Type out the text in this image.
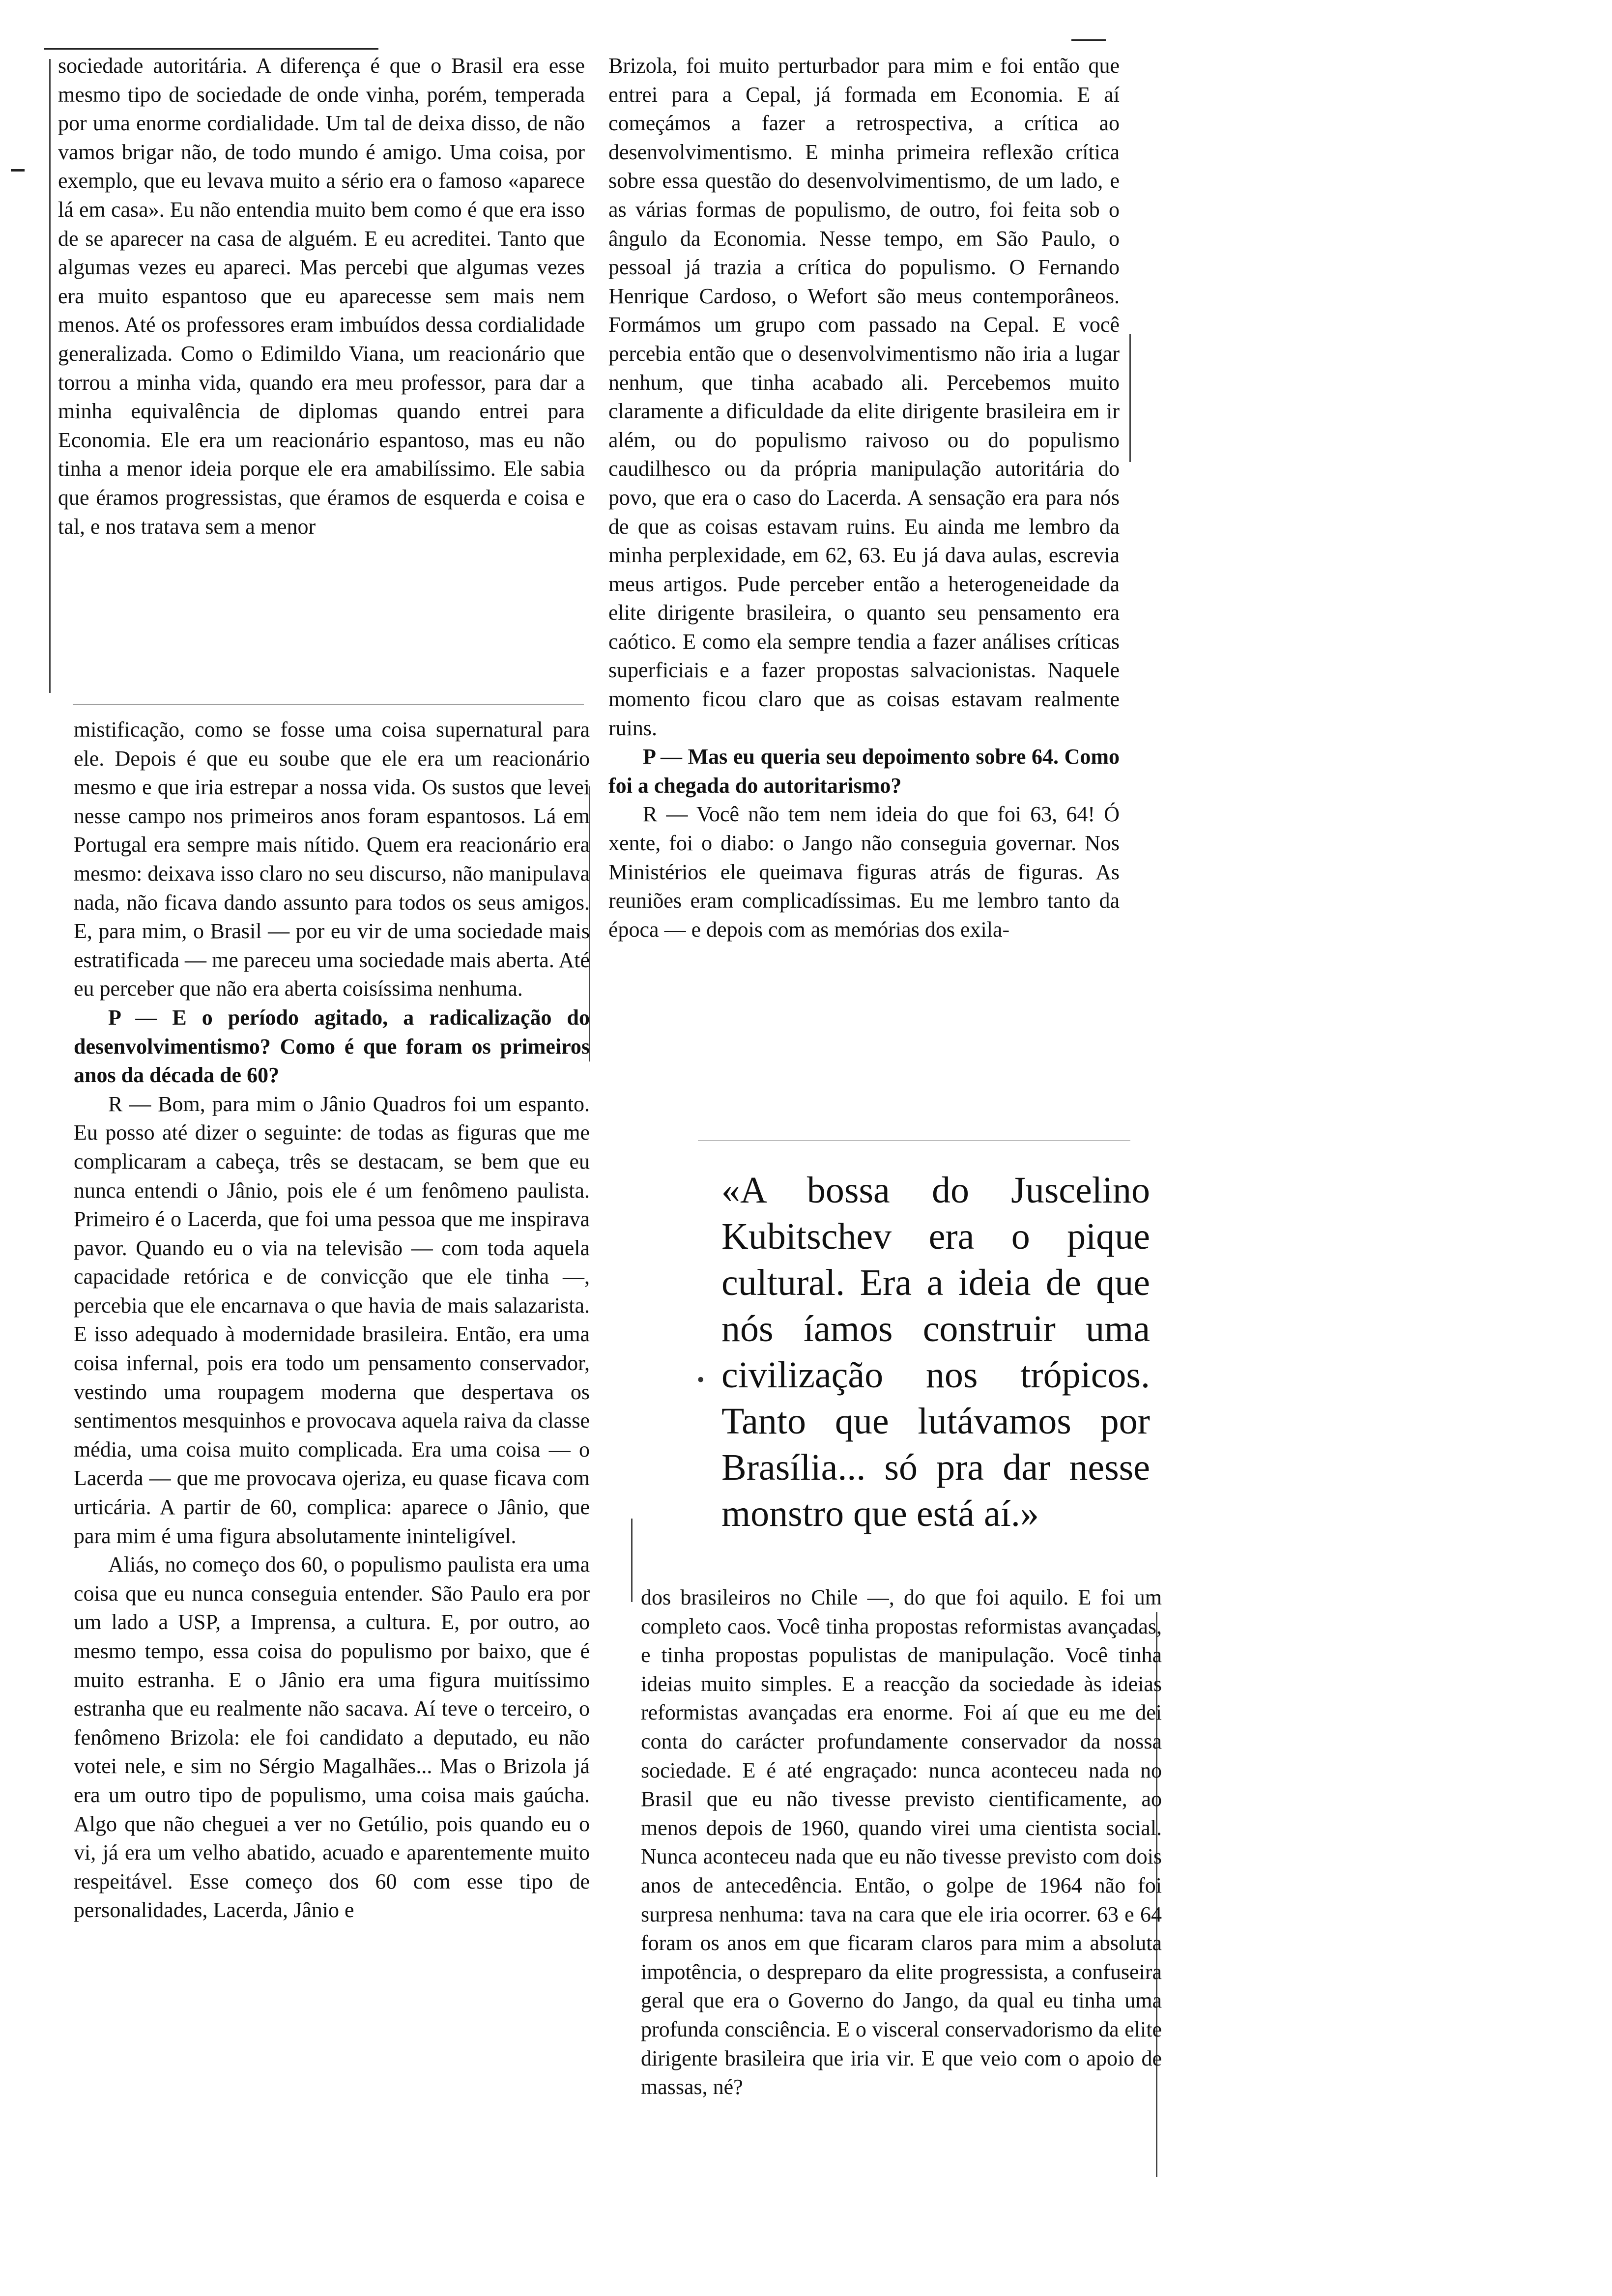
sociedade autoritária. A diferença é que o Brasil era esse mesmo tipo de sociedade de onde vinha, porém, temperada por uma enorme cordialidade. Um tal de deixa disso, de não vamos brigar não, de todo mundo é amigo. Uma coisa, por exemplo, que eu levava muito a sério era o famoso «aparece lá em casa». Eu não entendia muito bem como é que era isso de se aparecer na casa de alguém. E eu acreditei. Tanto que algumas vezes eu apareci. Mas percebi que algumas vezes era muito espantoso que eu aparecesse sem mais nem menos. Até os professores eram imbuídos dessa cordialidade generalizada. Como o Edimildo Viana, um reacionário que torrou a minha vida, quando era meu professor, para dar a minha equivalência de diplomas quando entrei para Economia. Ele era um reacionário espantoso, mas eu não tinha a menor ideia porque ele era amabilíssimo. Ele sabia que éramos progressistas, que éramos de esquerda e coisa e tal, e nos tratava sem a menor

mistificação, como se fosse uma coisa supernatural para ele. Depois é que eu soube que ele era um reacionário mesmo e que iria estrepar a nossa vida. Os sustos que levei nesse campo nos primeiros anos foram espantosos. Lá em Portugal era sempre mais nítido. Quem era reacionário era mesmo: deixava isso claro no seu discurso, não manipulava nada, não ficava dando assunto para todos os seus amigos. E, para mim, o Brasil — por eu vir de uma sociedade mais estratificada — me pareceu uma sociedade mais aberta. Até eu perceber que não era aberta coisíssima nenhuma.

P — E o período agitado, a radicalização do desenvolvimentismo? Como é que foram os primeiros anos da década de 60?

R — Bom, para mim o Jânio Quadros foi um espanto. Eu posso até dizer o seguinte: de todas as figuras que me complicaram a cabeça, três se destacam, se bem que eu nunca entendi o Jânio, pois ele é um fenômeno paulista. Primeiro é o Lacerda, que foi uma pessoa que me inspirava pavor. Quando eu o via na televisão — com toda aquela capacidade retórica e de convicção que ele tinha —, percebia que ele encarnava o que havia de mais salazarista. E isso adequado à modernidade brasileira. Então, era uma coisa infernal, pois era todo um pensamento conservador, vestindo uma roupagem moderna que despertava os sentimentos mesquinhos e provocava aquela raiva da classe média, uma coisa muito complicada. Era uma coisa — o Lacerda — que me provocava ojeriza, eu quase ficava com urticária. A partir de 60, complica: aparece o Jânio, que para mim é uma figura absolutamente ininteligível.

Aliás, no começo dos 60, o populismo paulista era uma coisa que eu nunca conseguia entender. São Paulo era por um lado a USP, a Imprensa, a cultura. E, por outro, ao mesmo tempo, essa coisa do populismo por baixo, que é muito estranha. E o Jânio era uma figura muitíssimo estranha que eu realmente não sacava. Aí teve o terceiro, o fenômeno Brizola: ele foi candidato a deputado, eu não votei nele, e sim no Sérgio Magalhães... Mas o Brizola já era um outro tipo de populismo, uma coisa mais gaúcha. Algo que não cheguei a ver no Getúlio, pois quando eu o vi, já era um velho abatido, acuado e aparentemente muito respeitável. Esse começo dos 60 com esse tipo de personalidades, Lacerda, Jânio e

Brizola, foi muito perturbador para mim e foi então que entrei para a Cepal, já formada em Economia. E aí começámos a fazer a retrospectiva, a crítica ao desenvolvimentismo. E minha primeira reflexão crítica sobre essa questão do desenvolvimentismo, de um lado, e as várias formas de populismo, de outro, foi feita sob o ângulo da Economia. Nesse tempo, em São Paulo, o pessoal já trazia a crítica do populismo. O Fernando Henrique Cardoso, o Wefort são meus contemporâneos. Formámos um grupo com passado na Cepal. E você percebia então que o desenvolvimentismo não iria a lugar nenhum, que tinha acabado ali. Percebemos muito claramente a dificuldade da elite dirigente brasileira em ir além, ou do populismo raivoso ou do populismo caudilhesco ou da própria manipulação autoritária do povo, que era o caso do Lacerda. A sensação era para nós de que as coisas estavam ruins. Eu ainda me lembro da minha perplexidade, em 62, 63. Eu já dava aulas, escrevia meus artigos. Pude perceber então a heterogeneidade da elite dirigente brasileira, o quanto seu pensamento era caótico. E como ela sempre tendia a fazer análises críticas superficiais e a fazer propostas salvacionistas. Naquele momento ficou claro que as coisas estavam realmente ruins.

P — Mas eu queria seu depoimento sobre 64. Como foi a chegada do autoritarismo?

R — Você não tem nem ideia do que foi 63, 64! Ó xente, foi o diabo: o Jango não conseguia governar. Nos Ministérios ele queimava figuras atrás de figuras. As reuniões eram complicadíssimas. Eu me lembro tanto da época — e depois com as memórias dos exila-

«A bossa do Juscelino Kubitschev era o pique cultural. Era a ideia de que nós íamos construir uma civilização nos trópicos. Tanto que lutávamos por Brasília... só pra dar nesse monstro que está aí.»

•

dos brasileiros no Chile —, do que foi aquilo. E foi um completo caos. Você tinha propostas reformistas avançadas, e tinha propostas populistas de manipulação. Você tinha ideias muito simples. E a reacção da sociedade às ideias reformistas avançadas era enorme. Foi aí que eu me dei conta do carácter profundamente conservador da nossa sociedade. E é até engraçado: nunca aconteceu nada no Brasil que eu não tivesse previsto cientificamente, ao menos depois de 1960, quando virei uma cientista social. Nunca aconteceu nada que eu não tivesse previsto com dois anos de antecedência. Então, o golpe de 1964 não foi surpresa nenhuma: tava na cara que ele iria ocorrer. 63 e 64 foram os anos em que ficaram claros para mim a absoluta impotência, o despreparo da elite progressista, a confuseira geral que era o Governo do Jango, da qual eu tinha uma profunda consciência. E o visceral conservadorismo da elite dirigente brasileira que iria vir. E que veio com o apoio de massas, né?
